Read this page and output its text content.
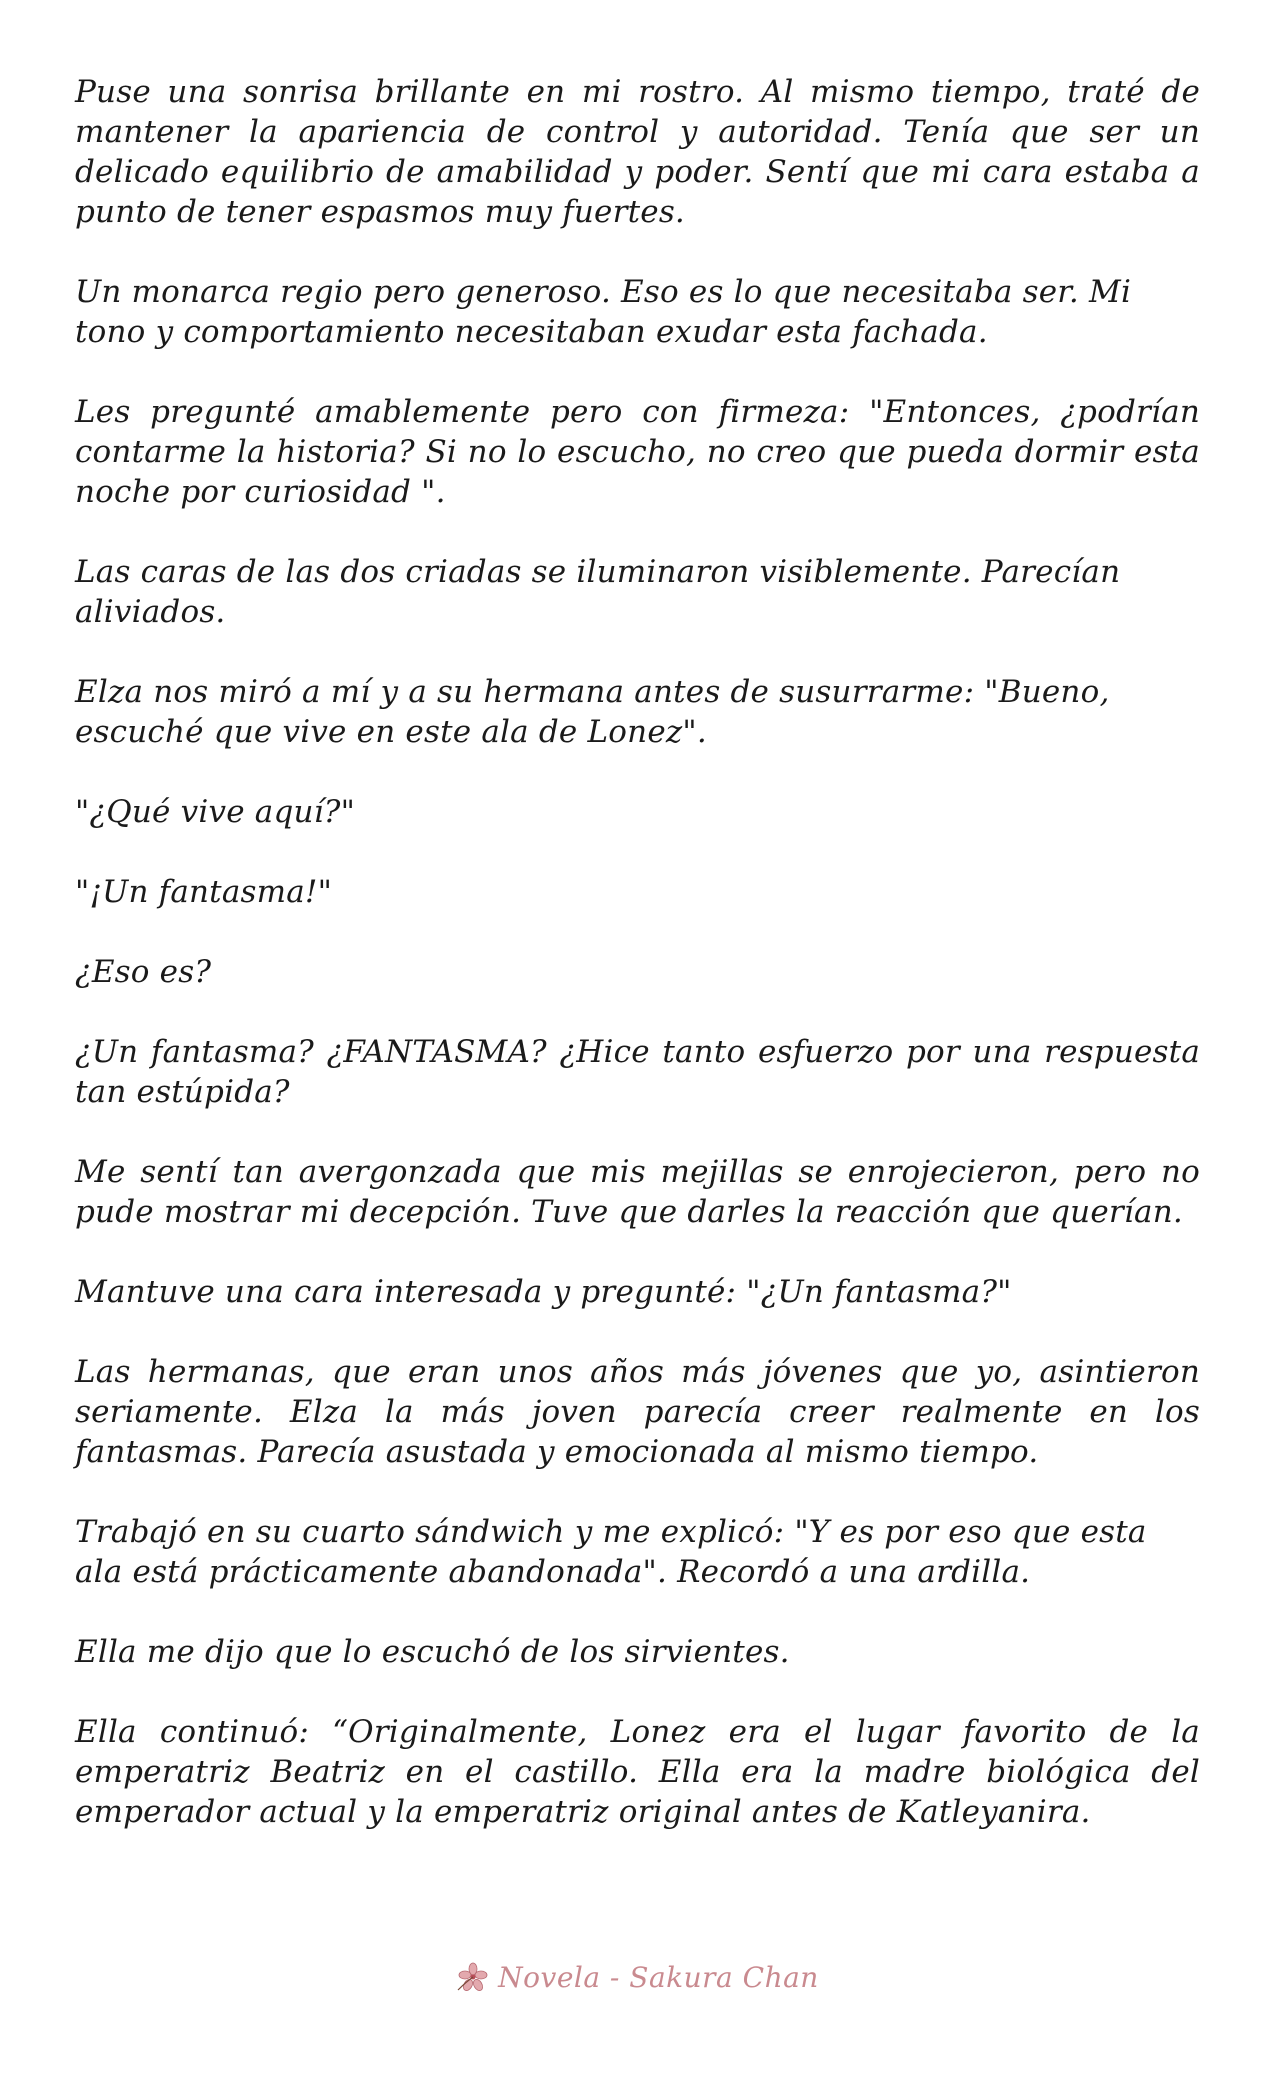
Puse una sonrisa brillante en mi rostro. Al mismo tiempo, traté de mantener la apariencia de control y autoridad. Tenía que ser un delicado equilibrio de amabilidad y poder. Sentí que mi cara estaba a punto de tener espasmos muy fuertes.

Un monarca regio pero generoso. Eso es lo que necesitaba ser. Mi tono y comportamiento necesitaban exudar esta fachada.

Les pregunté amablemente pero con firmeza: "Entonces, ¿podrían contarme la historia? Si no lo escucho, no creo que pueda dormir esta noche por curiosidad ".

Las caras de las dos criadas se iluminaron visiblemente. Parecían aliviados.

Elza nos miró a mí y a su hermana antes de susurrarme: "Bueno, escuché que vive en este ala de Lonez".

"¿Qué vive aquí?"

"¡Un fantasma!"

¿Eso es?

¿Un fantasma? ¿FANTASMA? ¿Hice tanto esfuerzo por una respuesta tan estúpida?

Me sentí tan avergonzada que mis mejillas se enrojecieron, pero no pude mostrar mi decepción. Tuve que darles la reacción que querían.

Mantuve una cara interesada y pregunté: "¿Un fantasma?"

Las hermanas, que eran unos años más jóvenes que yo, asintieron seriamente. Elza la más joven parecía creer realmente en los fantasmas. Parecía asustada y emocionada al mismo tiempo.

Trabajó en su cuarto sándwich y me explicó: "Y es por eso que esta ala está prácticamente abandonada". Recordó a una ardilla.

Ella me dijo que lo escuchó de los sirvientes.

Ella continuó: “Originalmente, Lonez era el lugar favorito de la emperatriz Beatriz en el castillo. Ella era la madre biológica del emperador actual y la emperatriz original antes de Katleyanira.

Novela - Sakura Chan
